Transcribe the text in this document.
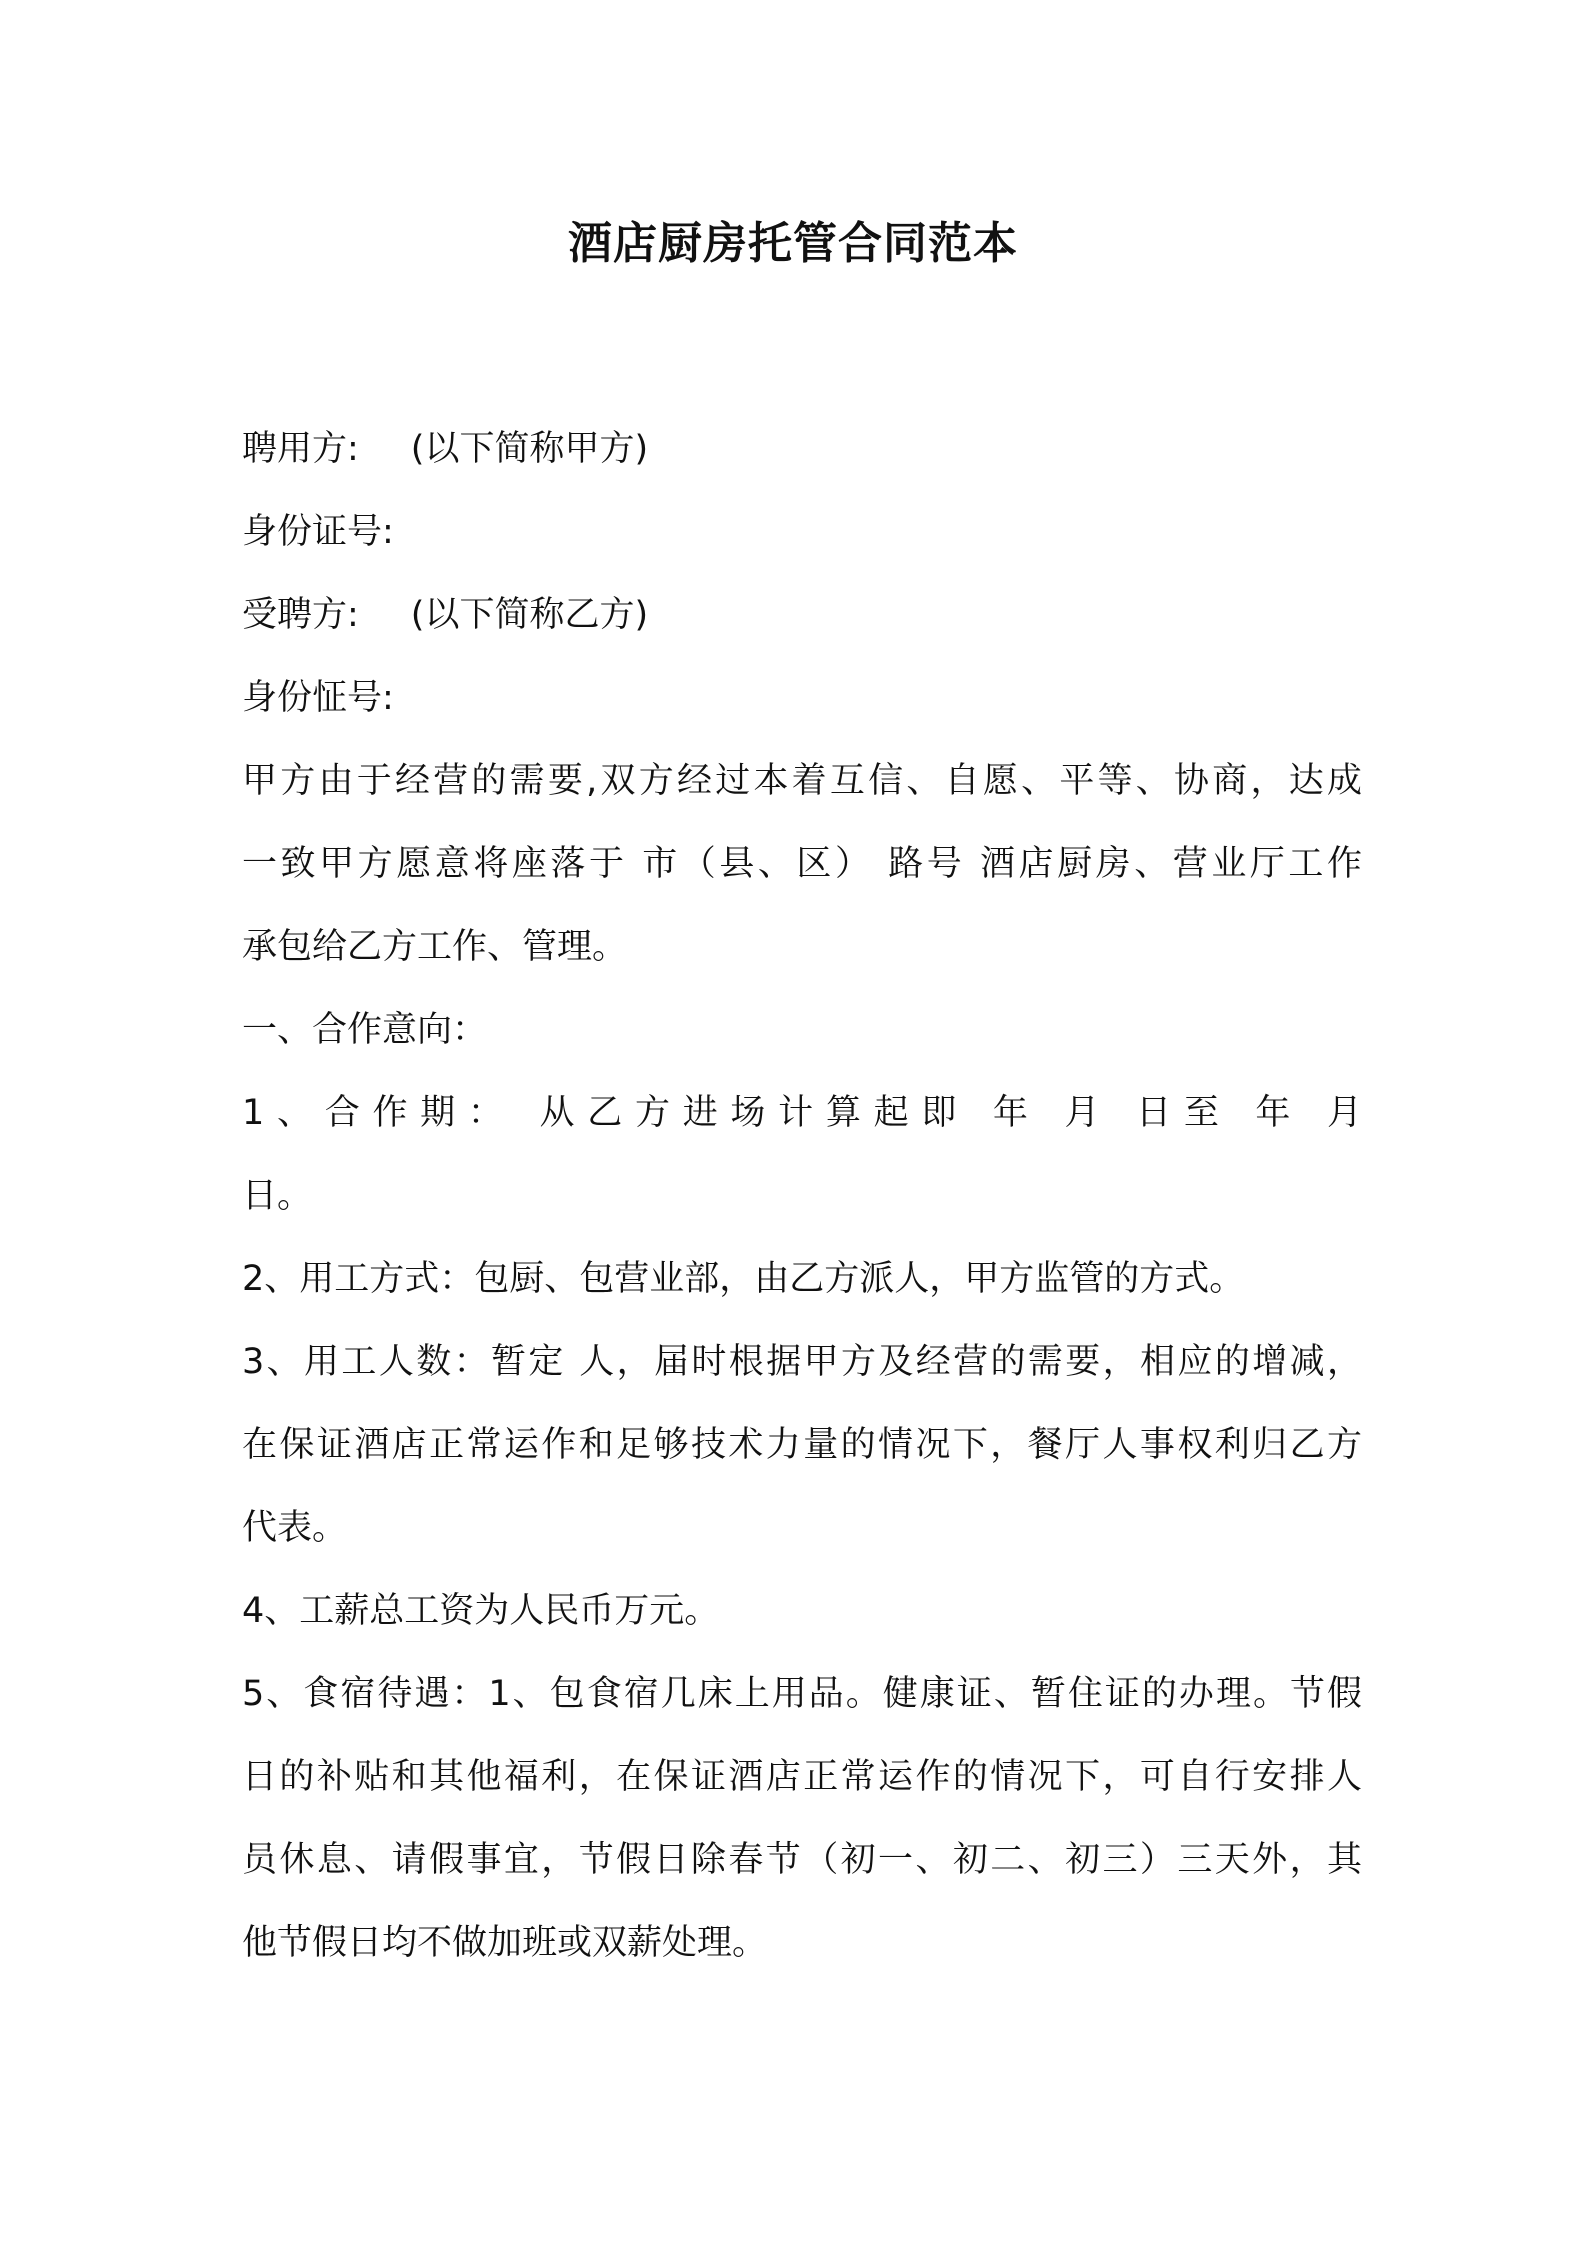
酒店厨房托管合同范本
聘用方: (以下简称甲方)
身份证号:
受聘方: (以下简称乙方)
身份怔号:
甲方由于经营的需要,双方经过本着互信、自愿、平等、协商，达成
一致甲方愿意将座落于 市（县、区） 路号 酒店厨房、营业厅工作
承包给乙方工作、管理。
一、合作意向：
1、合作期： 从乙方进场计算起即 年 月 日至 年 月
日。
2、用工方式：包厨、包营业部，由乙方派人，甲方监管的方式。
3、用工人数：暂定 人，届时根据甲方及经营的需要，相应的增减，
在保证酒店正常运作和足够技术力量的情况下，餐厅人事权利归乙方
代表。
4、工薪总工资为人民币万元。
5、食宿待遇：1、包食宿几床上用品。健康证、暂住证的办理。节假
日的补贴和其他福利，在保证酒店正常运作的情况下，可自行安排人
员休息、请假事宜，节假日除春节（初一、初二、初三）三天外，其
他节假日均不做加班或双薪处理。
